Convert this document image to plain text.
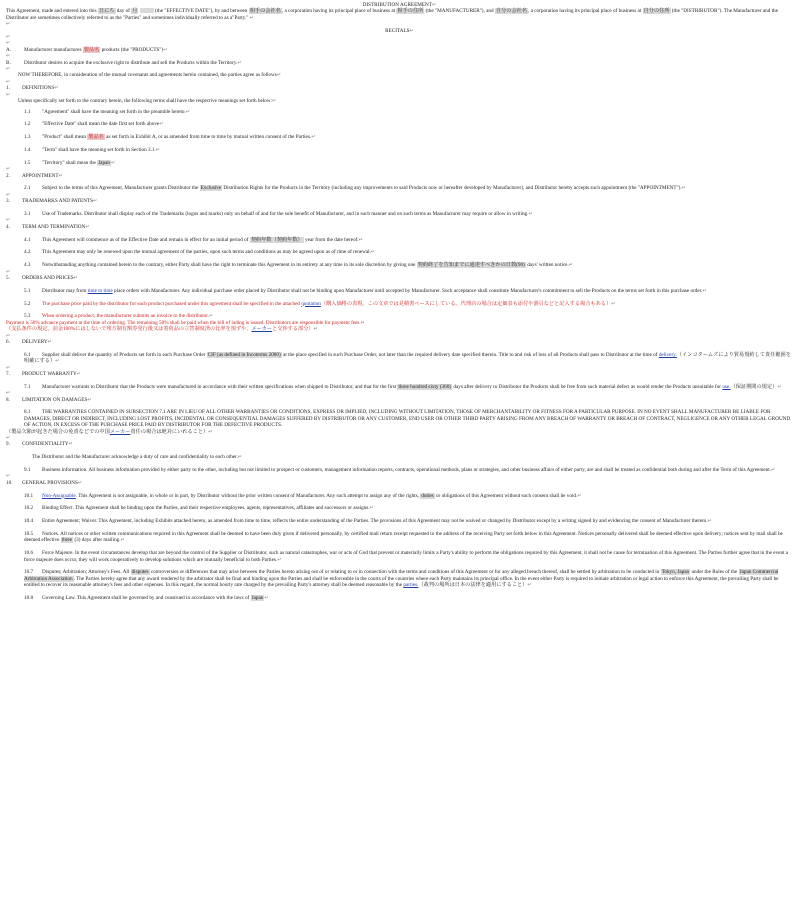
DISTRIBUTION AGREEMENT↵
This Agreement, made and entered into this 日にち day of 月	(the "EFFECTIVE DATE"), by and between 相手の会社名, a corporation having its principal place of business at 相手の住所 (the "MANUFACTURER"), and 自分の会社名, a corporation having its principal place of business at 自分の住所 (the "DISTRIBUTOR"). The Manufacturer and the Distributor are sometimes collectively referred to as the "Parties" and sometimes individually referred to as a"Party." ↵
↵
RECITALS↵
↵
↵
A. Manufacturer manufactures 製品名 products (the "PRODUCTS")↵
↵
B.	Distributor desires to acquire the exclusive right to distribute and sell the Products within the Territory.↵
↵
NOW THEREFORE, in consideration of the mutual covenants and agreements herein contained, the parties agree as follows↵
↵
1. DEFINITIONS↵
↵
Unless specifically set forth to the contrary herein, the following terms shall have the respective meanings set forth below:↵
1.1 "Agreement" shall have the meaning set forth in the preamble hereto.↵
1.2 "Effective Date" shall mean the date first set forth above↵
1.3 "Product" shall mean 製品名 as set forth in Exhibit A, or as amended from time to time by mutual written consent of the Parties.↵
1.4 "Term" shall have the meaning set forth in Section 3.1.↵
1.5 "Territory" shall mean the Japan↵
↵
2. APPOINTMENT↵
2.1 Subject to the terms of this Agreement, Manufacturer grants Distributor the Exclusive Distribution Rights for the Products in the Territory (including any improvements to said Products now or hereafter developed by Manufacturer), and Distributor hereby accepts such appointment (the "APPOINTMENT").↵
↵
3. TRADEMARKS AND PATENTS↵
3.1 Use of Trademarks. Distributor shall display each of the Trademarks (logos and marks) only on behalf of and for the sole benefit of Manufacturer, and in such manner and on such terms as Manufacturer may require or allow in writing.↵
↵
4. TERM AND TERMINATION↵
4.1 This Agreement will commence as of the Effective Date and remain in effect for an initial period of 契約年数（契約年数） year from the date hereof.↵
4.2 This Agreement may only be renewed upon the mutual agreement of the parties, upon such terms and conditions as may be agreed upon as of time of renewal.↵
4.3 Notwithstanding anything contained herein to the contrary, either Party shall have the right to terminate this Agreement in its entirety at any time in its sole discretion by giving one 契約終了を告知までに通達すべきかの日数(90) days' written notice.↵
↵
5. ORDERS AND PRICES↵
5.1 Distributor may from time to time place orders with Manufacturer. Any individual purchase order placed by Distributor shall not be binding upon Manufacturer until accepted by Manufacturer. Such acceptance shall constitute Manufacturer's commitment to sell the Products on the terms set forth in this purchase order.↵
5.2 The purchase price paid by the distributor for each product purchased under this agreement shall be specified in the attached quotation（購入価格の表現、この文章では見積書ベースにしている。代理店の場合は定価表も添付や割引などと記入する場合もある）↵
5.3 When ordering a product, the manufacturer submits an invoice to the distributor.↵
Payment is 50% advance payment at the time of ordering. The remaining 50% shall be paid when the bill of lading is issued. Distributors are responsible for payment fees.↵
（支払条件の規定。前金100%にはしないで残方制有額券発行後又は着荷品の立替制度済の比率を規ずや、メーカーと交渉する部分）↵
↵
6. DELIVERY↵
6.1 Supplier shall deliver the quantity of Products set forth in each Purchase Order CIF (as defined in Incoterms 2000) at the place specified in such Purchase Order, not later than the required delivery date specified therein. Title to and risk of loss of all Products shall pass to Distributor at the time of delivery.（インコタームズにより貿易規約して責任範囲を明確にする）↵
↵
7. PRODUCT WARRANTY↵
7.1 Manufacturer warrants to Distributor that the Products were manufactured in accordance with their written specifications when shipped to Distributor, and that for the first three hundred sixty (360) days after delivery to Distributor the Products shall be free from such material defect as would render the Products unsuitable for use.（保証期間の規定）↵
↵
8. LIMITATION ON DAMAGES↵
8.1 THE WARRANTIES CONTAINED IN SUBSECTION 7.1 ARE IN LIEU OF ALL OTHER WARRANTIES OR CONDITIONS, EXPRESS OR IMPLIED, INCLUDING WITHOUT LIMITATION, THOSE OF MERCHANTABILITY OR FITNESS FOR A PARTICULAR PURPOSE. IN NO EVENT SHALL MANUFACTURER BE LIABLE FOR DAMAGES, DIRECT OR INDIRECT, INCLUDING LOST PROFITS, INCIDENTAL OR CONSEQUENTIAL DAMAGES SUFFERED BY DISTRIBUTOR OR ANY CUSTOMER, END USER OR OTHER THIRD PARTY ARISING FROM ANY BREACH OF WARRANTY OR BREACH OF CONTRACT, NEGLIGENCE OR ANY OTHER LEGAL GROUND OF ACTION, IN EXCESS OF THE PURCHASE PRICE PAID BY DISTRIBUTOR FOR THE DEFECTIVE PRODUCTS.
（製品欠陥が起きた場合の免責などでの中国メーカー責任の場合は絶対にいれること）↵
↵
9. CONFIDENTIALITY↵
The Distributor and the Manufacturer acknowledge a duty of care and confidentiality to each other.↵
9.1 Business information. All business information provided by either party to the other, including but not limited to prospect or customers, management information reports, contracts, operational methods, plans or strategies, and other business affairs of either party, are and shall be treated as confidential both during and after the Term of this Agreement.↵
↵
10. GENERAL PROVISIONS↵
10.1 Non-Assignable. This Agreement is not assignable, in whole or in part, by Distributor without the prior written consent of Manufacturer. Any such attempt to assign any of the rights, duties or obligations of this Agreement without such consent shall be void.↵
10.2 Binding Effect. This Agreement shall be binding upon the Parties, and their respective employees, agents, representatives, affiliates and successors or assigns.↵
10.4 Entire Agreement; Waiver. This Agreement, including Exhibits attached hereto, as amended from time to time, reflects the entire understanding of the Parties. The provisions of this Agreement may not be waived or changed by Distributor except by a writing signed by and evidencing the consent of Manufacturer thereto.↵
10.5 Notices. All notices or other written communications required in this Agreement shall be deemed to have been duly given if delivered personally, by certified mail return receipt requested to the address of the receiving Party set forth below in this Agreement. Notices personally delivered shall be deemed effective upon delivery; notices sent by mail shall be deemed effective three (3) days after mailing.↵
10.6 Force Majeure. In the event circumstances develop that are beyond the control of the Supplier or Distributor, such as natural catastrophes, war or acts of God that prevent or materially limits a Party's ability to perform the obligations required by this Agreement, it shall not be cause for termination of this Agreement. The Parties further agree that in the event a force majeure does occur, they will work cooperatively to develop solutions which are mutually beneficial to both Parties.↵
10.7 Disputes; Arbitration; Attorney's Fees. All disputes controversies or differences that may arise between the Parties hereto arising out of or relating to or in connection with the terms and conditions of this Agreement or for any alleged breach thereof, shall be settled by arbitration to be conducted in Tokyo, Japan under the Rules of the Japan Commercial Arbitration Association. The Parties hereby agree that any award rendered by the arbitrator shall be final and binding upon the Parties and shall be enforceable in the courts of the countries where each Party maintains its principal office. In the event either Party is required to initiate arbitration or legal action to enforce this Agreement, the prevailing Party shall be entitled to recover its reasonable attorney's fees and other expenses. In this regard, the normal hourly rate charged by the prevailing Party's attorney shall be deemed reasonable by the parties.（裁判の場所は日本の法律を適用にすること）↵
10.8 Governing Law. This Agreement shall be governed by and construed in accordance with the laws of Japan↵
